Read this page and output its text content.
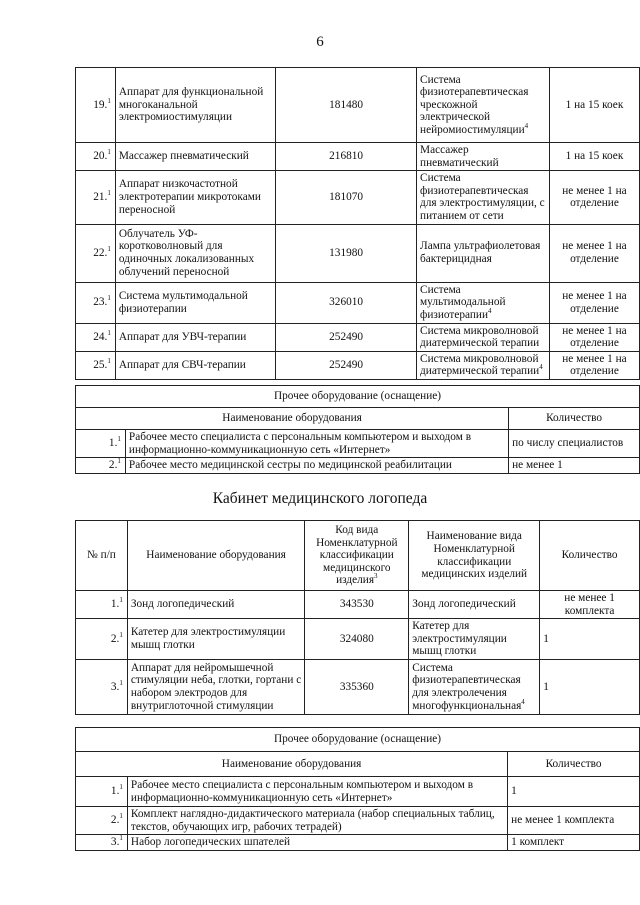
6
19.$^1$	Аппарат для функциональной многоканальной электромиостимуляции	181480	Система физиотерапевтическая чрескожной электрической нейромиостимуляции$^4$	1 на 15 коек
20.$^1$	Массажер пневматический	216810	Массажер пневматический	1 на 15 коек
21.$^1$	Аппарат низкочастотной электротерапии микротоками переносной	181070	Система физиотерапевтическая для электростимуляции, с питанием от сети	не менее 1 на отделение
22.$^1$	Облучатель УФ-коротковолновый для одиночных локализованных облучений переносной	131980	Лампа ультрафиолетовая бактерицидная	не менее 1 на отделение
23.$^1$	Система мультимодальной физиотерапии	326010	Система мультимодальной физиотерапии$^4$	не менее 1 на отделение
24.$^1$	Аппарат для УВЧ-терапии	252490	Система микроволновой диатермической терапии	не менее 1 на отделение
25.$^1$	Аппарат для СВЧ-терапии	252490	Система микроволновой диатермической терапии$^4$	не менее 1 на отделение
Прочее оборудование (оснащение)		
Наименование оборудования		Количество
1.$^1$	Рабочее место специалиста с персональным компьютером и выходом в информационно-коммуникационную сеть «Интернет»	по числу специалистов
2.$^1$	Рабочее место медицинской сестры по медицинской реабилитации	не менее 1
Кабинет медицинского логопеда
№ п/п	Наименование оборудования	Код вида Номенклатурной классификации медицинского изделия$^3$	Наименование вида Номенклатурной классификации медицинских изделий	Количество
1.$^1$	Зонд логопедический	343530	Зонд логопедический	не менее 1 комплекта
2.$^1$	Катетер для электростимуляции мышц глотки	324080	Катетер для электростимуляции мышц глотки	1
3.$^1$	Аппарат для нейромышечной стимуляции неба, глотки, гортани с набором электродов для внутриглоточной стимуляции	335360	Система физиотерапевтическая для электролечения многофункциональная$^4$	1
Прочее оборудование (оснащение)		
Наименование оборудования		Количество
1.$^1$	Рабочее место специалиста с персональным компьютером и выходом в информационно-коммуникационную сеть «Интернет»	1
2.$^1$	Комплект наглядно-дидактического материала (набор специальных таблиц, текстов, обучающих игр, рабочих тетрадей)	не менее 1 комплекта
3.$^1$	Набор логопедических шпателей	1 комплект
